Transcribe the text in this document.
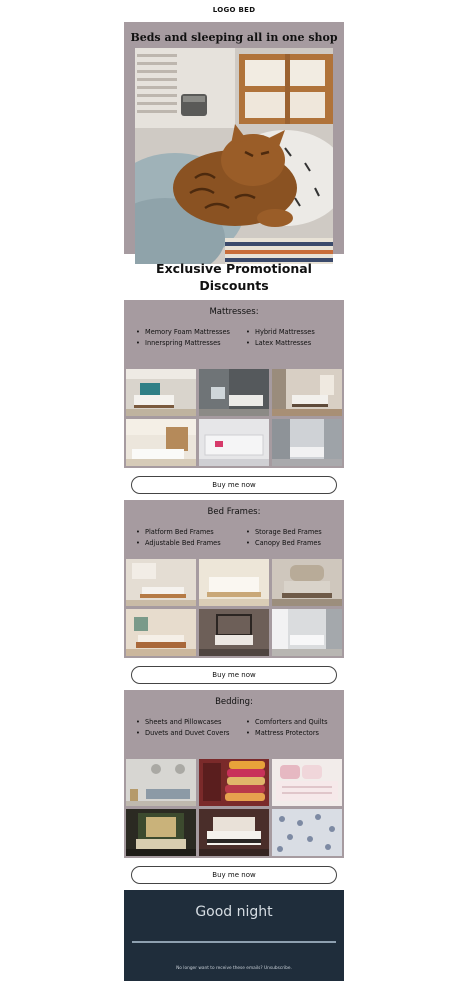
LOGO BED
Beds and sleeping all in one shop
Exclusive Promotional
Discounts
Mattresses:
• Memory Foam Mattresses
• Innerspring Mattresses
• Hybrid Mattresses
• Latex Mattresses
Buy me now
Bed Frames:
• Platform Bed Frames
• Adjustable Bed Frames
• Storage Bed Frames
• Canopy Bed Frames
Buy me now
Bedding:
• Sheets and Pillowcases
• Duvets and Duvet Covers
• Comforters and Quilts
• Mattress Protectors
Buy me now
Good night
No longer want to receive these emails? Unsubscribe.
